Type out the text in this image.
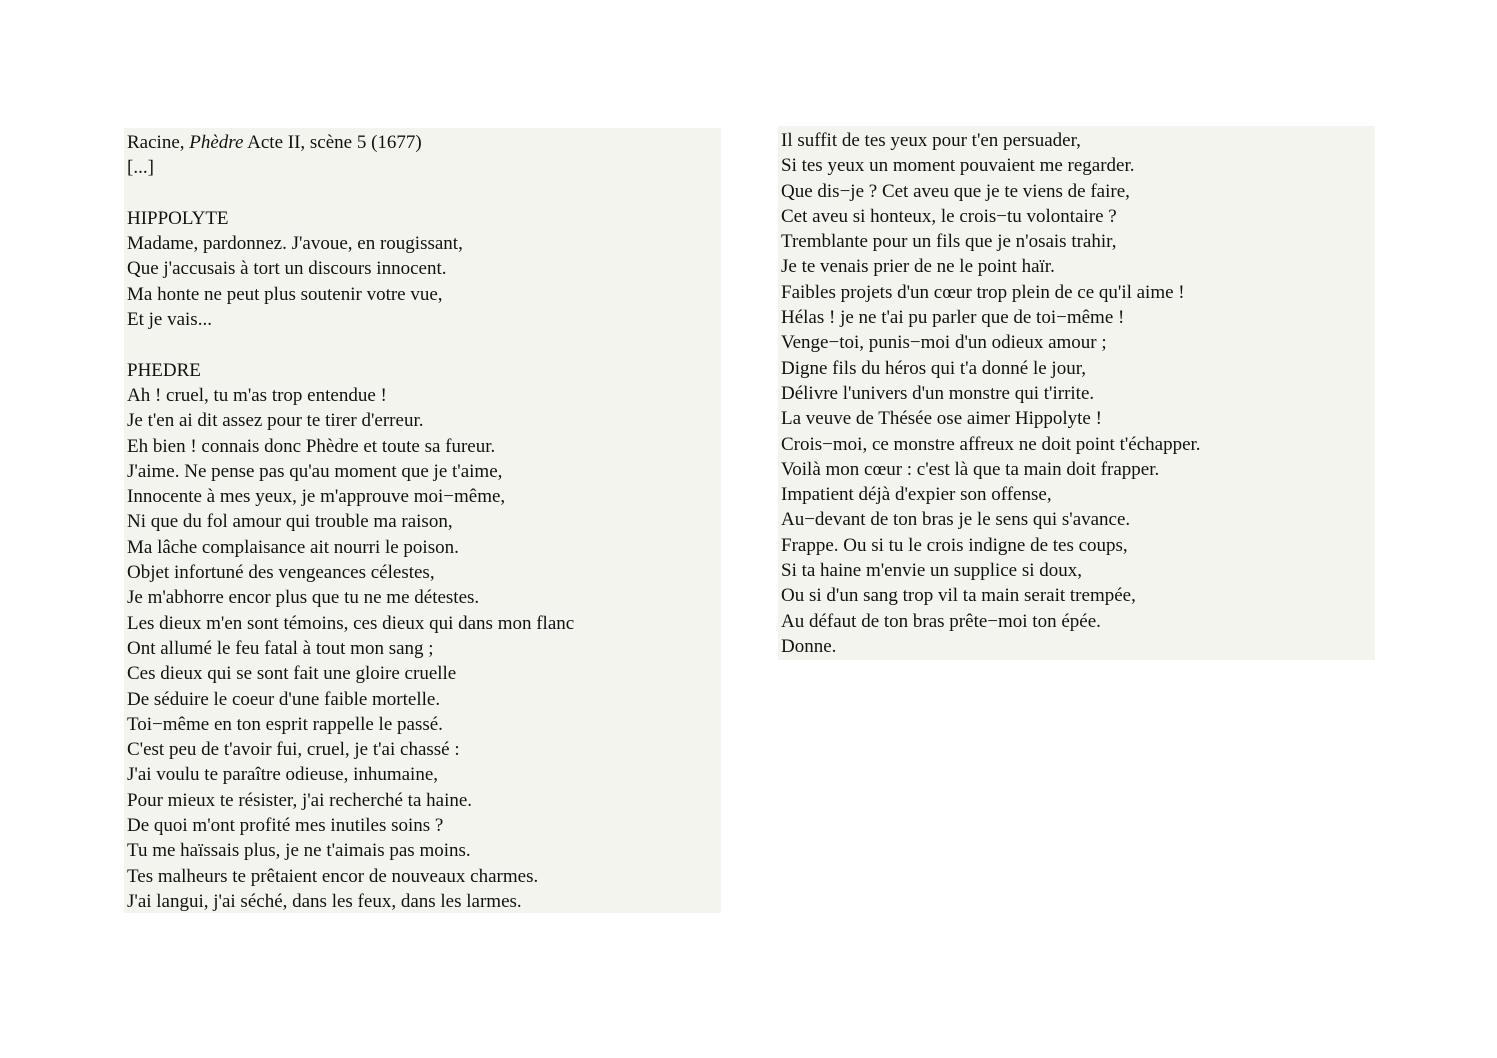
Racine, Phèdre Acte II, scène 5 (1677)
[...]
HIPPOLYTE
Madame, pardonnez. J'avoue, en rougissant,
Que j'accusais à tort un discours innocent.
Ma honte ne peut plus soutenir votre vue,
Et je vais...
PHEDRE
Ah ! cruel, tu m'as trop entendue !
Je t'en ai dit assez pour te tirer d'erreur.
Eh bien ! connais donc Phèdre et toute sa fureur.
J'aime. Ne pense pas qu'au moment que je t'aime,
Innocente à mes yeux, je m'approuve moi−même,
Ni que du fol amour qui trouble ma raison,
Ma lâche complaisance ait nourri le poison.
Objet infortuné des vengeances célestes,
Je m'abhorre encor plus que tu ne me détestes.
Les dieux m'en sont témoins, ces dieux qui dans mon flanc
Ont allumé le feu fatal à tout mon sang ;
Ces dieux qui se sont fait une gloire cruelle
De séduire le coeur d'une faible mortelle.
Toi−même en ton esprit rappelle le passé.
C'est peu de t'avoir fui, cruel, je t'ai chassé :
J'ai voulu te paraître odieuse, inhumaine,
Pour mieux te résister, j'ai recherché ta haine.
De quoi m'ont profité mes inutiles soins ?
Tu me haïssais plus, je ne t'aimais pas moins.
Tes malheurs te prêtaient encor de nouveaux charmes.
J'ai langui, j'ai séché, dans les feux, dans les larmes.
Il suffit de tes yeux pour t'en persuader,
Si tes yeux un moment pouvaient me regarder.
Que dis−je ? Cet aveu que je te viens de faire,
Cet aveu si honteux, le crois−tu volontaire ?
Tremblante pour un fils que je n'osais trahir,
Je te venais prier de ne le point haïr.
Faibles projets d'un cœur trop plein de ce qu'il aime !
Hélas ! je ne t'ai pu parler que de toi−même !
Venge−toi, punis−moi d'un odieux amour ;
Digne fils du héros qui t'a donné le jour,
Délivre l'univers d'un monstre qui t'irrite.
La veuve de Thésée ose aimer Hippolyte !
Crois−moi, ce monstre affreux ne doit point t'échapper.
Voilà mon cœur : c'est là que ta main doit frapper.
Impatient déjà d'expier son offense,
Au−devant de ton bras je le sens qui s'avance.
Frappe. Ou si tu le crois indigne de tes coups,
Si ta haine m'envie un supplice si doux,
Ou si d'un sang trop vil ta main serait trempée,
Au défaut de ton bras prête−moi ton épée.
Donne.
